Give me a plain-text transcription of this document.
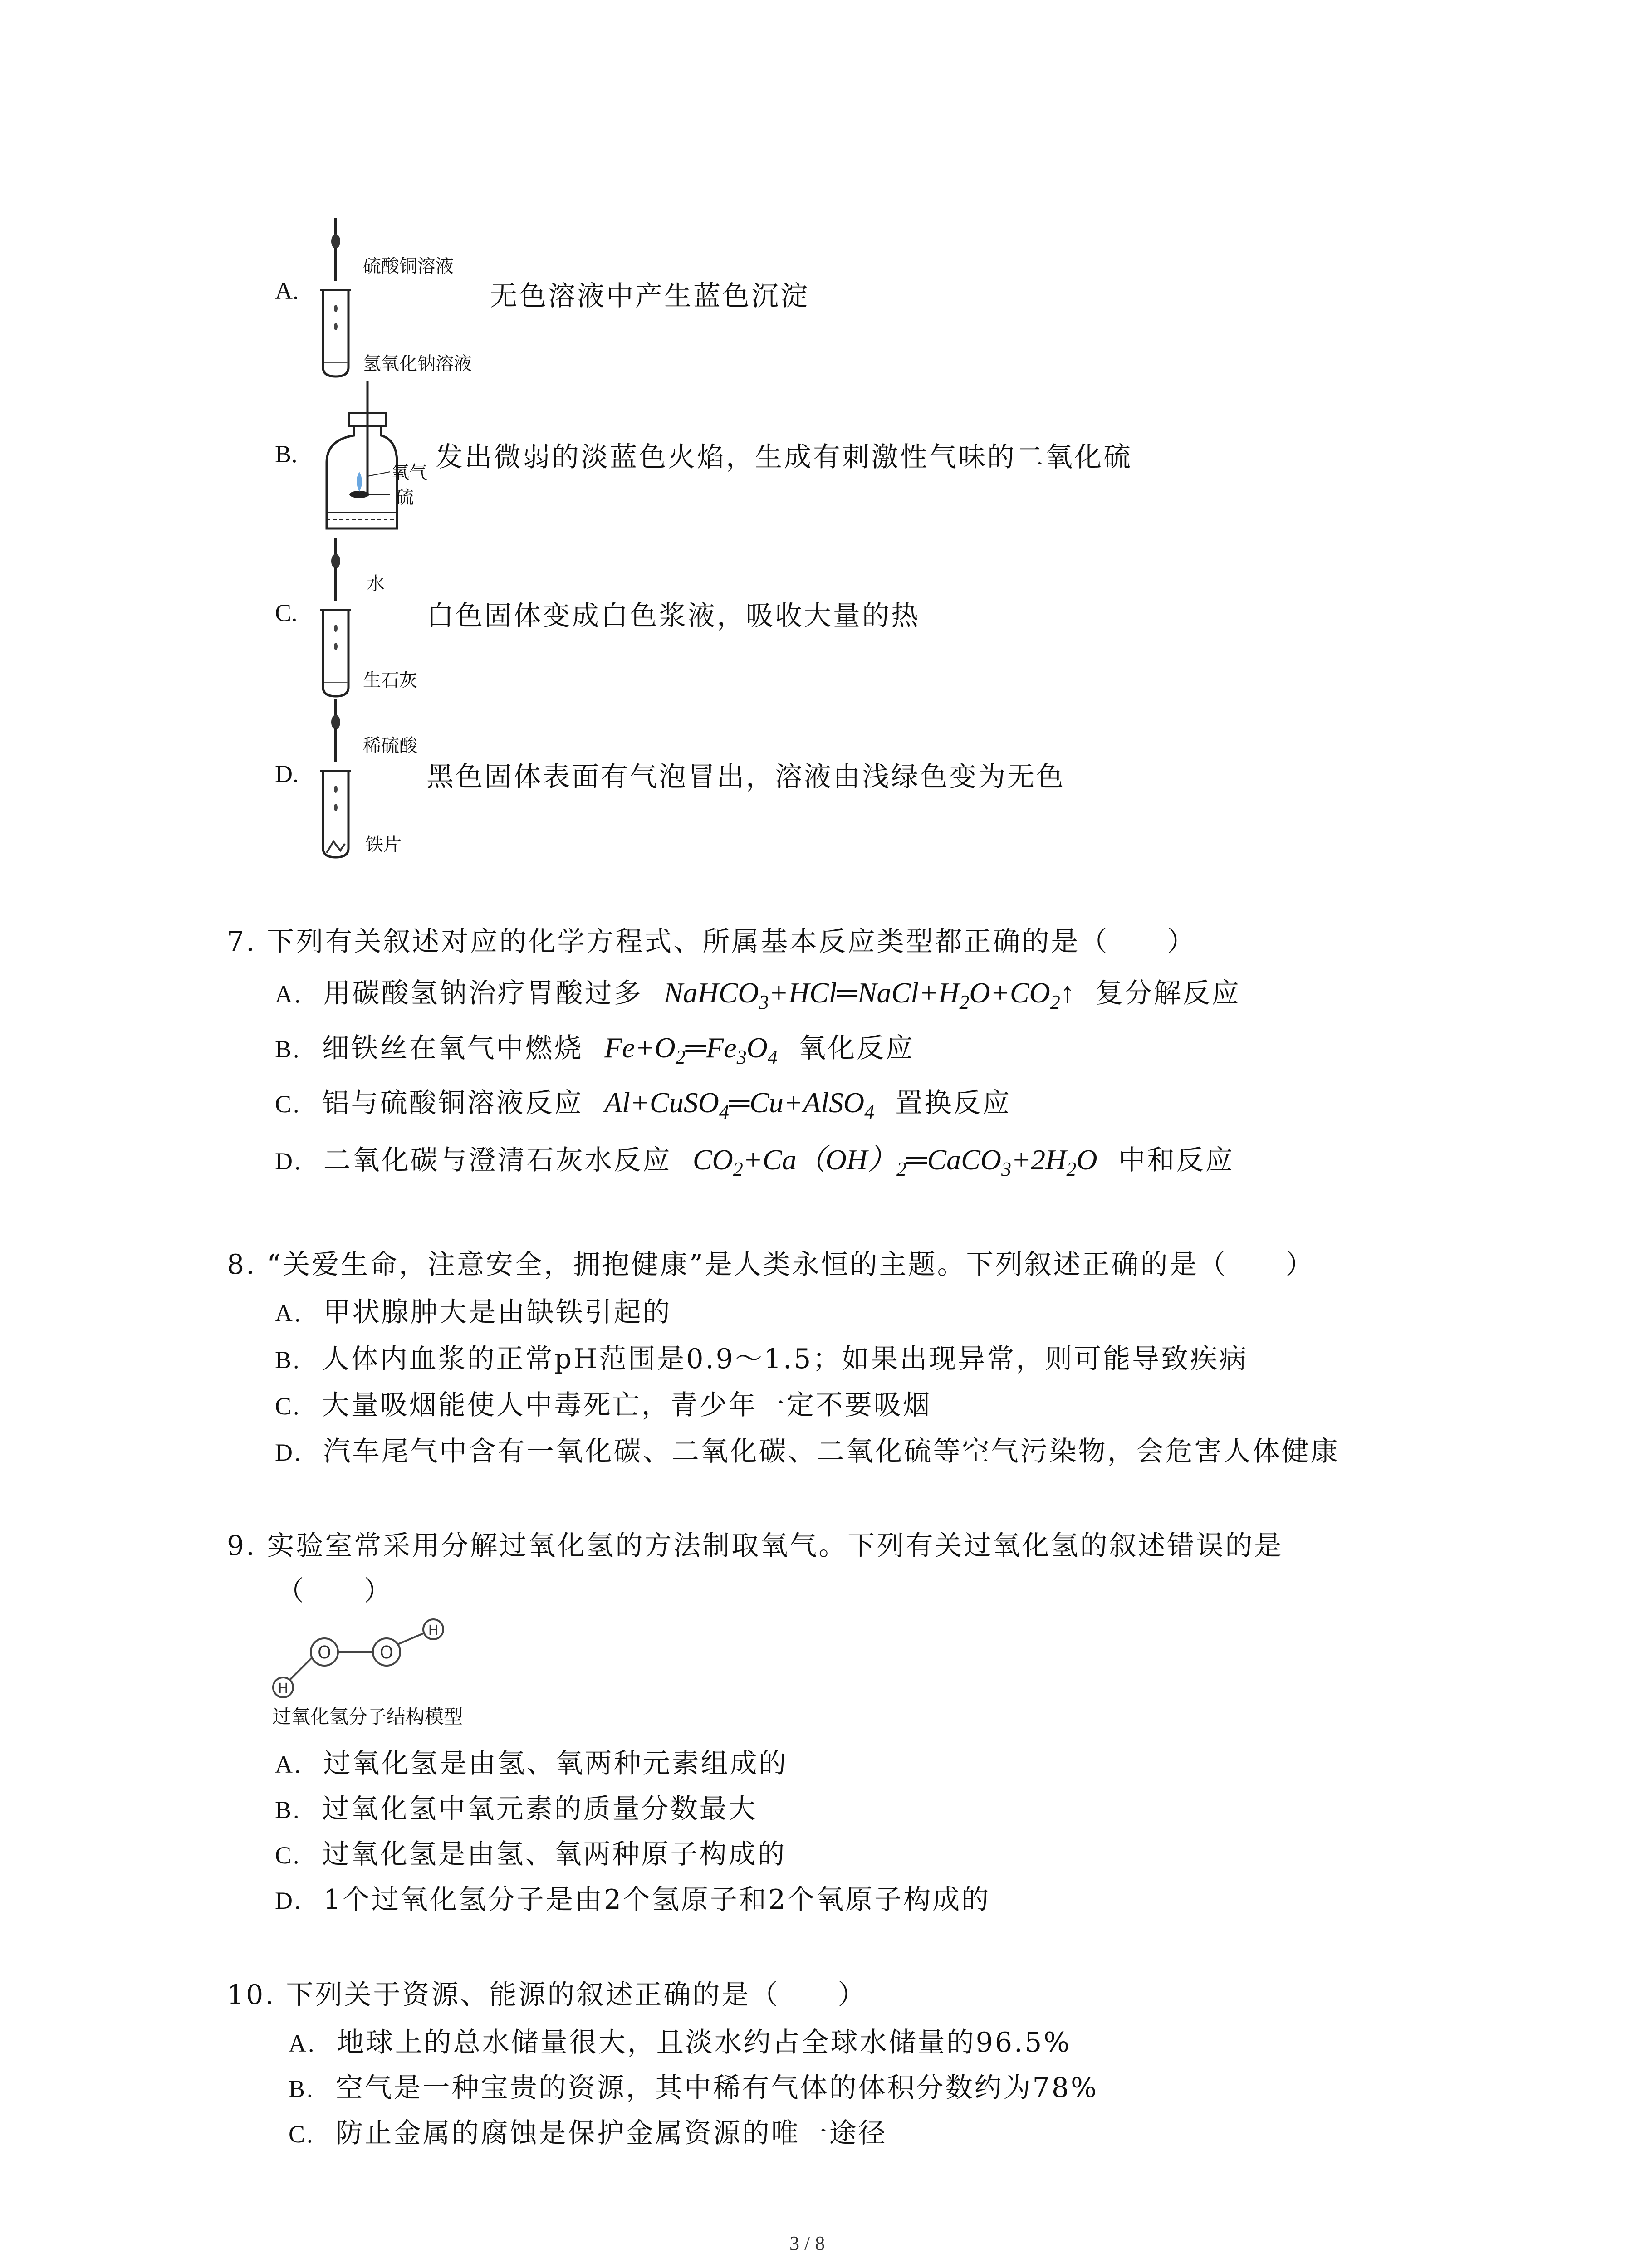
A.
硫酸铜溶液
氢氧化钠溶液
无色溶液中产生蓝色沉淀
B.
氧气
硫
发出微弱的淡蓝色火焰，生成有刺激性气味的二氧化硫
C.
水
生石灰
白色固体变成白色浆液，吸收大量的热
D.
稀硫酸
铁片
黑色固体表面有气泡冒出，溶液由浅绿色变为无色
7. 下列有关叙述对应的化学方程式、所属基本反应类型都正确的是（　　）
A. 用碳酸氢钠治疗胃酸过多 $NaHCO_3+HCl═NaCl+H_2O+CO_2↑$ 复分解反应
B. 细铁丝在氧气中燃烧 $Fe+O_2═Fe_3O_4$ 氧化反应
C. 铝与硫酸铜溶液反应 Al+CuSO$_4$═Cu+AlSO$_4$ 置换反应
D. 二氧化碳与澄清石灰水反应 $CO_2+Ca(OH)_2═CaCO_3+2H_2O$ 中和反应
8. “关爱生命，注意安全，拥抱健康”是人类永恒的主题。下列叙述正确的是（　　）
A. 甲状腺肿大是由缺铁引起的
B. 人体内血浆的正常pH范围是0.9～1.5；如果出现异常，则可能导致疾病
C. 大量吸烟能使人中毒死亡，青少年一定不要吸烟
D. 汽车尾气中含有一氧化碳、二氧化碳、二氧化硫等空气污染物，会危害人体健康
9. 实验室常采用分解过氧化氢的方法制取氧气。下列有关过氧化氢的叙述错误的是
（　　）
O	O
H
H
过氧化氢分子结构模型
A. 过氧化氢是由氢、氧两种元素组成的
B. 过氧化氢中氧元素的质量分数最大
C. 过氧化氢是由氢、氧两种原子构成的
D. 1个过氧化氢分子是由2个氢原子和2个氧原子构成的
10. 下列关于资源、能源的叙述正确的是（　　）
A. 地球上的总水储量很大，且淡水约占全球水储量的96.5%
B. 空气是一种宝贵的资源，其中稀有气体的体积分数约为78%
C. 防止金属的腐蚀是保护金属资源的唯一途径
3 / 8
